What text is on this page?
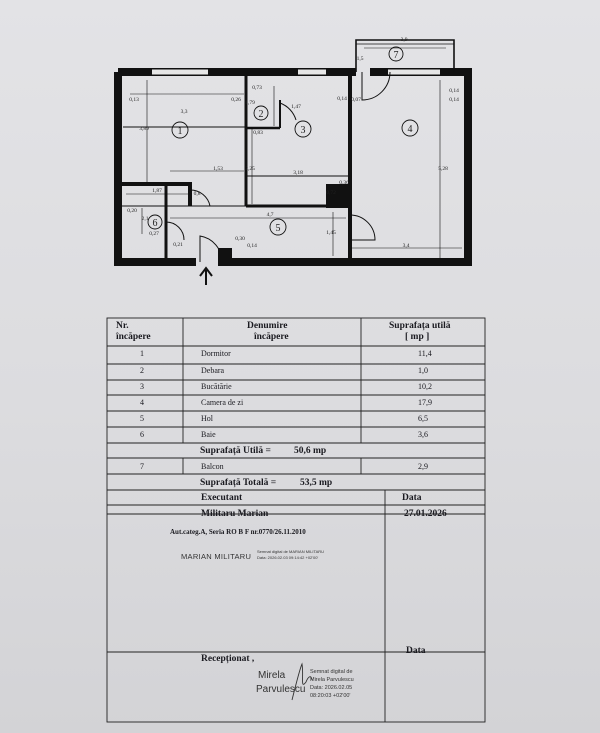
1
2
3	4
5
6
7
0,13
3,3
0,26
0,73
1,79
0,83
1,47
0,14	0,14
0,07
0,14
3,89
1,53	2,25
3,18
0,36
0,72
5,28
1,87	0,8
0,20
2,1
4,7
0,30
0,27	1,45
3,4
0,21	0,14
1,5
3,9
Nr.
încăpere
Denumire
încăpere
Suprafața utilă
[ mp ]
1	Dormitor	11,4
2	Debara	1,0
3	Bucătărie	10,2
4	Camera de zi	17,9
5	Hol	6,5
6	Baie	3,6
Suprafață Utilă = 50,6 mp
7	Balcon	2,9
Suprafață Totală =	53,5 mp
Executant	Data
Militaru Marian	27.01.2026
Aut.categ.A, Seria RO B F nr.0770/26.11.2010
MARIAN MILITARU
Semnat digital de MARIAN MILITARU
Data: 2026.02.03 09:14:42 +02'00'
Recepționat ,
Data
Mirela
Parvulescu
Semnat digital de
Mirela Parvulescu
Data: 2026.02.05
08:20:03 +02'00'
